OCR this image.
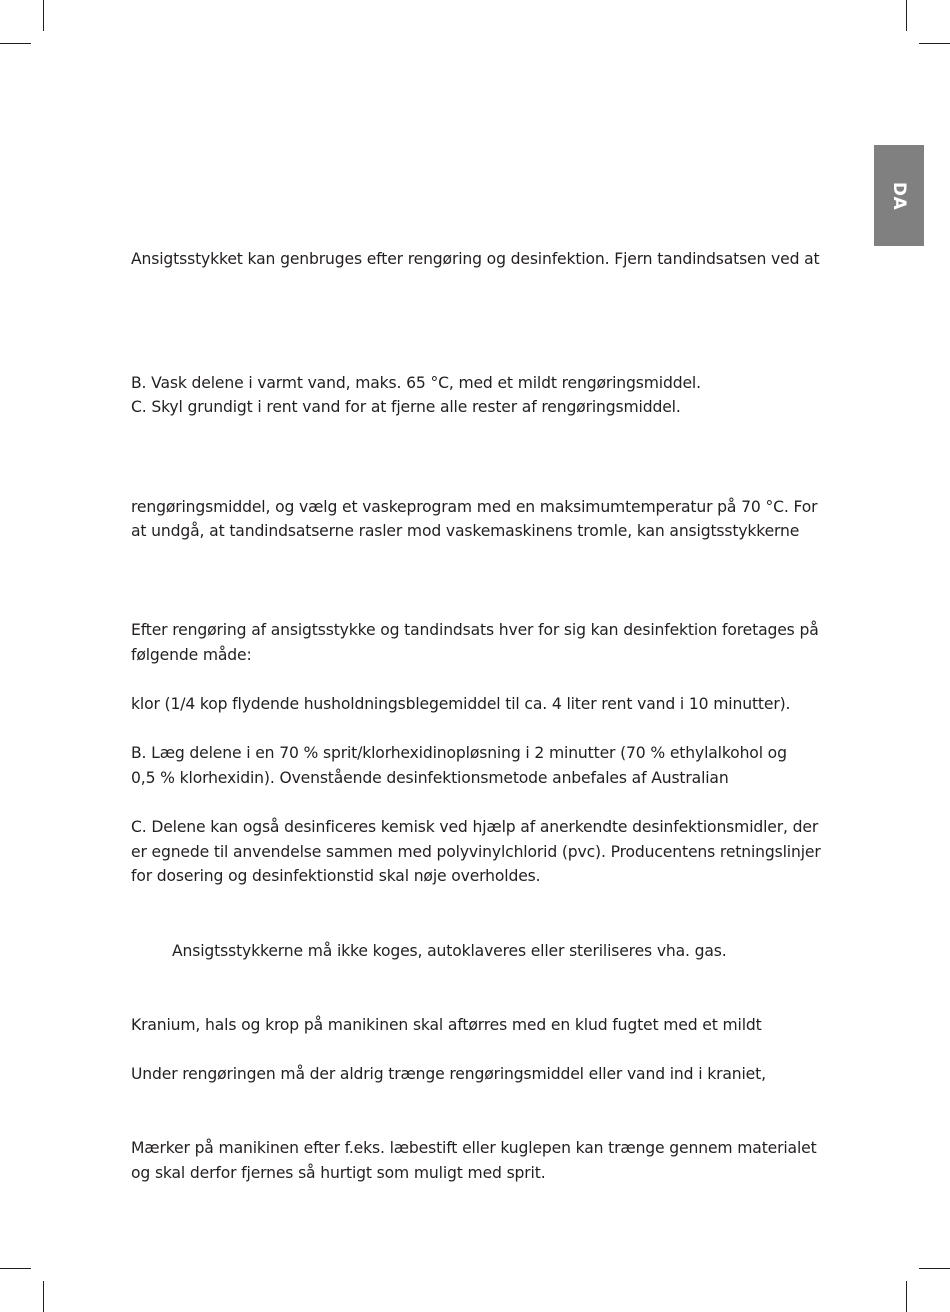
DA
Ansigtsstykket kan genbruges efter rengøring og desinfektion. Fjern tandindsatsen ved at
B. Vask delene i varmt vand, maks. 65 °C, med et mildt rengøringsmiddel.
C. Skyl grundigt i rent vand for at fjerne alle rester af rengøringsmiddel.
rengøringsmiddel, og vælg et vaskeprogram med en maksimumtemperatur på 70 °C. For
at undgå, at tandindsatserne rasler mod vaskemaskinens tromle, kan ansigtsstykkerne
Efter rengøring af ansigtsstykke og tandindsats hver for sig kan desinfektion foretages på
følgende måde:
klor (1/4 kop flydende husholdningsblegemiddel til ca. 4 liter rent vand i 10 minutter).
B. Læg delene i en 70 % sprit/klorhexidinopløsning i 2 minutter (70 % ethylalkohol og
0,5 % klorhexidin). Ovenstående desinfektionsmetode anbefales af Australian
C. Delene kan også desinficeres kemisk ved hjælp af anerkendte desinfektionsmidler, der
er egnede til anvendelse sammen med polyvinylchlorid (pvc). Producentens retningslinjer
for dosering og desinfektionstid skal nøje overholdes.
Ansigtsstykkerne må ikke koges, autoklaveres eller steriliseres vha. gas.
Kranium, hals og krop på manikinen skal aftørres med en klud fugtet med et mildt
Under rengøringen må der aldrig trænge rengøringsmiddel eller vand ind i kraniet,
Mærker på manikinen efter f.eks. læbestift eller kuglepen kan trænge gennem materialet
og skal derfor fjernes så hurtigt som muligt med sprit.
